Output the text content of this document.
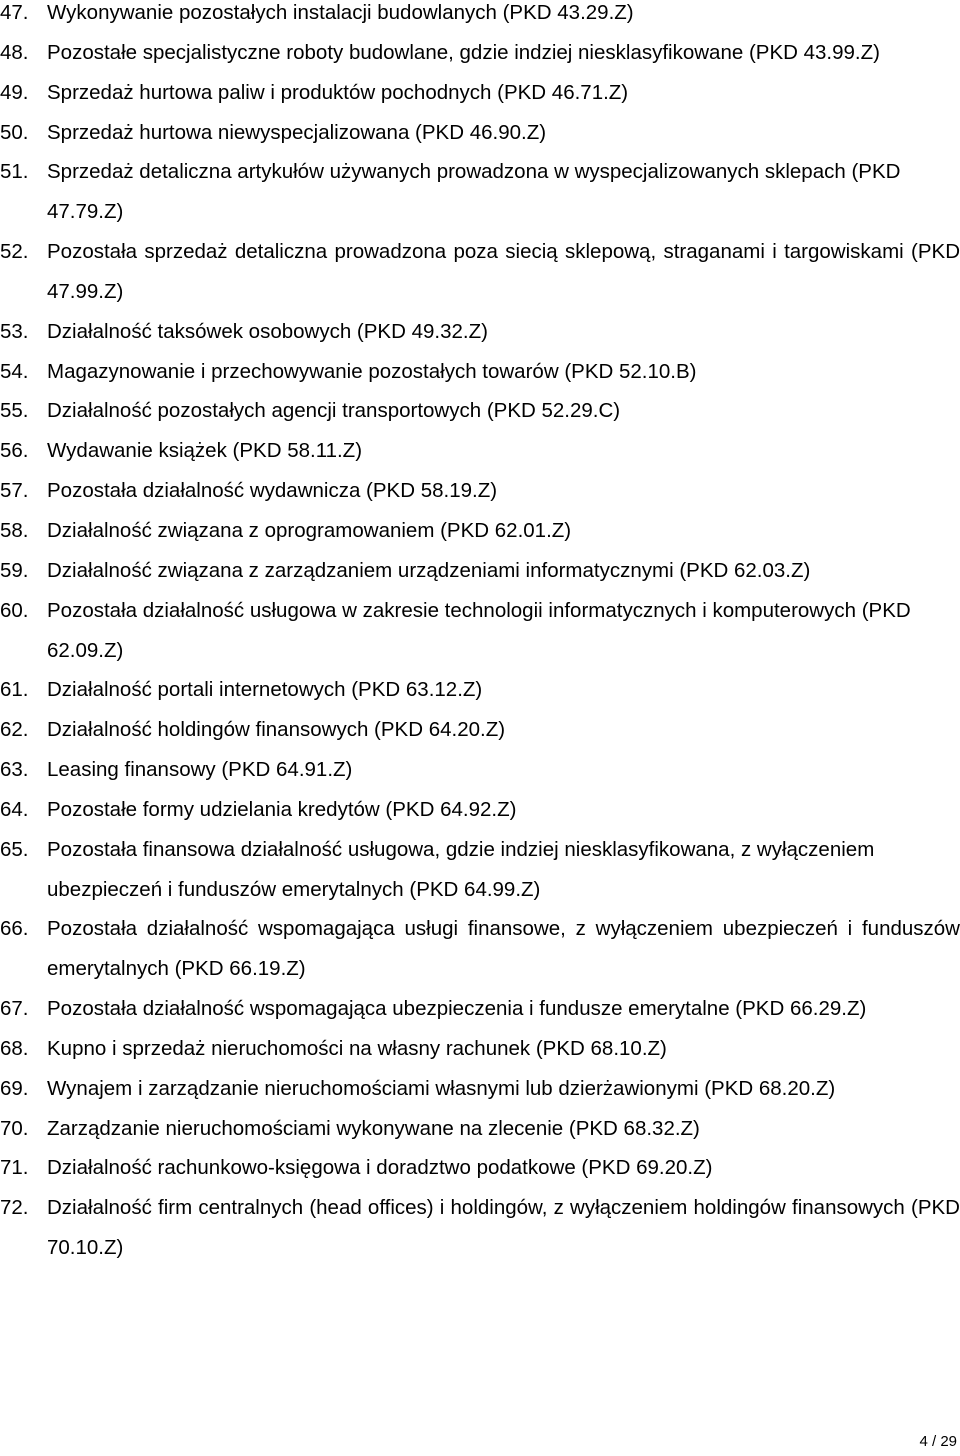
47. Wykonywanie pozostałych instalacji budowlanych (PKD 43.29.Z)
48. Pozostałe specjalistyczne roboty budowlane, gdzie indziej niesklasyfikowane (PKD 43.99.Z)
49. Sprzedaż hurtowa paliw i produktów pochodnych (PKD 46.71.Z)
50. Sprzedaż hurtowa niewyspecjalizowana (PKD 46.90.Z)
51. Sprzedaż detaliczna artykułów używanych prowadzona w wyspecjalizowanych sklepach (PKD 47.79.Z)
52. Pozostała sprzedaż detaliczna prowadzona poza siecią sklepową, straganami i targowiskami (PKD 47.99.Z)
53. Działalność taksówek osobowych (PKD 49.32.Z)
54. Magazynowanie i przechowywanie pozostałych towarów (PKD 52.10.B)
55. Działalność pozostałych agencji transportowych (PKD 52.29.C)
56. Wydawanie książek (PKD 58.11.Z)
57. Pozostała działalność wydawnicza (PKD 58.19.Z)
58. Działalność związana z oprogramowaniem (PKD 62.01.Z)
59. Działalność związana z zarządzaniem urządzeniami informatycznymi (PKD 62.03.Z)
60. Pozostała działalność usługowa w zakresie technologii informatycznych i komputerowych (PKD 62.09.Z)
61. Działalność portali internetowych (PKD 63.12.Z)
62. Działalność holdingów finansowych (PKD 64.20.Z)
63. Leasing finansowy (PKD 64.91.Z)
64. Pozostałe formy udzielania kredytów (PKD 64.92.Z)
65. Pozostała finansowa działalność usługowa, gdzie indziej niesklasyfikowana, z wyłączeniem ubezpieczeń i funduszów emerytalnych (PKD 64.99.Z)
66. Pozostała działalność wspomagająca usługi finansowe, z wyłączeniem ubezpieczeń i funduszów emerytalnych (PKD 66.19.Z)
67. Pozostała działalność wspomagająca ubezpieczenia i fundusze emerytalne (PKD 66.29.Z)
68. Kupno i sprzedaż nieruchomości na własny rachunek (PKD 68.10.Z)
69. Wynajem i zarządzanie nieruchomościami własnymi lub dzierżawionymi (PKD 68.20.Z)
70. Zarządzanie nieruchomościami wykonywane na zlecenie (PKD 68.32.Z)
71. Działalność rachunkowo-księgowa i doradztwo podatkowe (PKD 69.20.Z)
72. Działalność firm centralnych (head offices) i holdingów, z wyłączeniem holdingów finansowych (PKD 70.10.Z)
4 / 29
